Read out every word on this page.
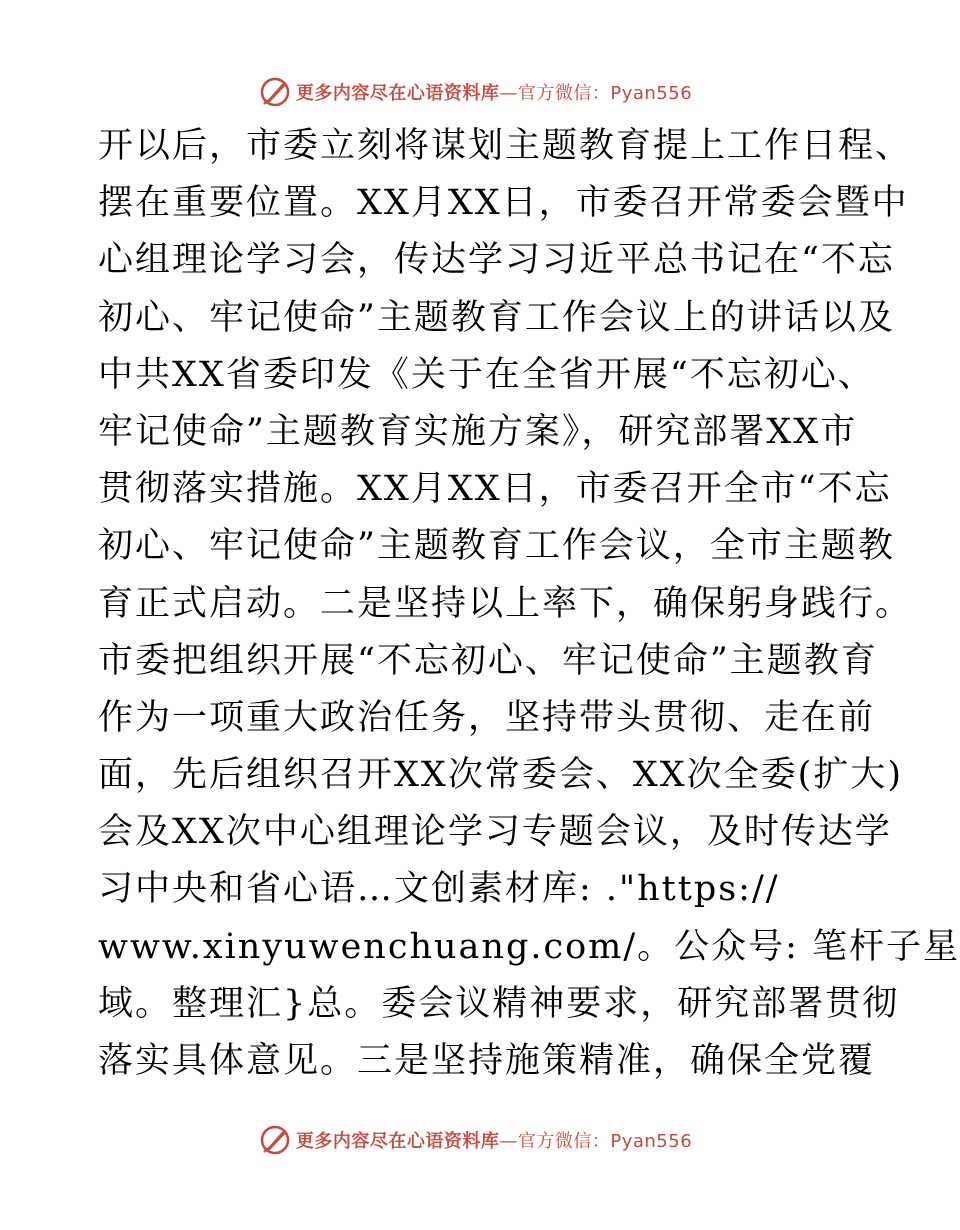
更多内容尽在心语资料库—官方微信：Pyan556
开以后，市委立刻将谋划主题教育提上工作日程、
摆在重要位置。XX月XX日，市委召开常委会暨中
心组理论学习会，传达学习习近平总书记在“不忘
初心、牢记使命”主题教育工作会议上的讲话以及
中共XX省委印发《关于在全省开展“不忘初心、
牢记使命”主题教育实施方案》，研究部署XX市
贯彻落实措施。XX月XX日，市委召开全市“不忘
初心、牢记使命”主题教育工作会议，全市主题教
育正式启动。二是坚持以上率下，确保躬身践行。
市委把组织开展“不忘初心、牢记使命”主题教育
作为一项重大政治任务，坚持带头贯彻、走在前
面，先后组织召开XX次常委会、XX次全委(扩大)
会及XX次中心组理论学习专题会议，及时传达学
习中央和省心语…文创素材库: ."https://
www.xinyuwenchuang.com/。公众号: 笔杆子星
域。整理汇}总。委会议精神要求，研究部署贯彻
落实具体意见。三是坚持施策精准，确保全党覆
更多内容尽在心语资料库—官方微信：Pyan556
